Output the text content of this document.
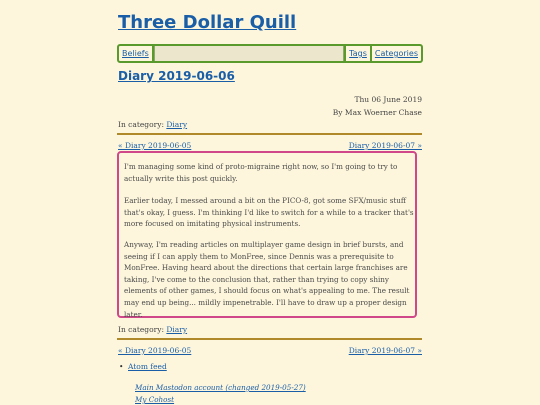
Three Dollar Quill
Beliefs	Tags	Categories
Diary 2019-06-06
Thu 06 June 2019
By Max Woerner Chase
In category: Diary
« Diary 2019-06-05	Diary 2019-06-07 »

I'm managing some kind of proto-migraine right now, so I'm going to try to actually write this post quickly.

Earlier today, I messed around a bit on the PICO-8, got some SFX/music stuff that's okay, I guess. I'm thinking I'd like to switch for a while to a tracker that's more focused on imitating physical instruments.

Anyway, I'm reading articles on multiplayer game design in brief bursts, and seeing if I can apply them to MonFree, since Dennis was a prerequisite to MonFree. Having heard about the directions that certain large franchises are taking, I've come to the conclusion that, rather than trying to copy shiny elements of other games, I should focus on what's appealing to me. The result may end up being... mildly impenetrable. I'll have to draw up a proper design later.

In category: Diary
« Diary 2019-06-05	Diary 2019-06-07 »
• Atom feed
Main Mastodon account (changed 2019-05-27)
My Cohost
